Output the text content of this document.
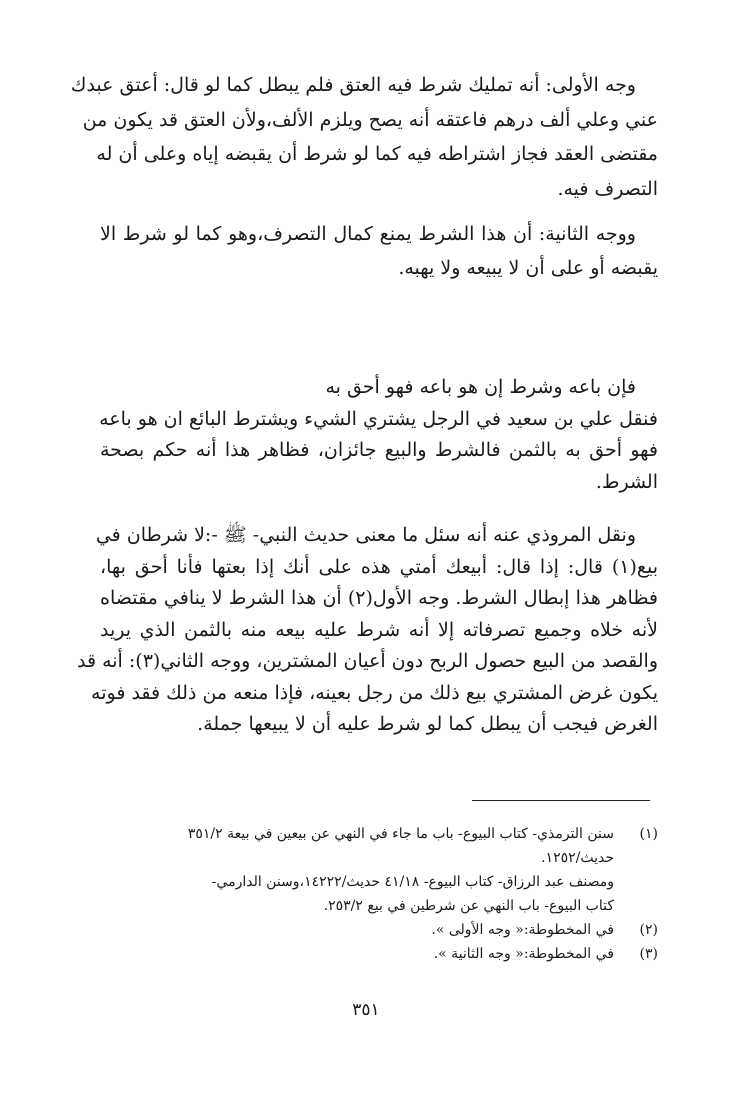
وجه الأولى: أنه تمليك شرط فيه العتق فلم يبطل كما لو قال: أعتق عبدك
عني وعلي ألف درهم فاعتقه أنه يصح ويلزم الألف،ولأن العتق قد يكون من
مقتضى العقد فجاز اشتراطه فيه كما لو شرط أن يقبضه إياه وعلى أن له
التصرف فيه.
ووجه الثانية: أن هذا الشرط يمنع كمال التصرف،وهو كما لو شرط الا
يقبضه أو على أن لا يبيعه ولا يهبه.
فإن باعه وشرط إن هو باعه فهو أحق به
فنقل علي بن سعيد في الرجل يشتري الشيء ويشترط البائع ان هو باعه
فهو أحق به بالثمن فالشرط والبيع جائزان، فظاهر هذا أنه حكم بصحة
الشرط.
ونقل المروذي عنه أنه سئل ما معنى حديث النبي- ﷺ -:لا شرطان في
بيع(١) قال: إذا قال: أبيعك أمتي هذه على أنك إذا بعتها فأنا أحق بها،
فظاهر هذا إبطال الشرط. وجه الأول(٢) أن هذا الشرط لا ينافي مقتضاه
لأنه خلاه وجميع تصرفاته إلا أنه شرط عليه بيعه منه بالثمن الذي يريد
والقصد من البيع حصول الربح دون أعيان المشترين، ووجه الثاني(٣): أنه قد
يكون غرض المشتري بيع ذلك من رجل بعينه، فإذا منعه من ذلك فقد فوته
الغرض فيجب أن يبطل كما لو شرط عليه أن لا يبيعها جملة.
(١)
سنن الترمذي- كتاب البيوع- باب ما جاء في النهي عن بيعين في بيعة ٣٥١/٢
حديث/١٢٥٢.
ومصنف عبد الرزاق- كتاب البيوع- ٤١/١٨ حديث/١٤٢٢٢،وسنن الدارمي-
كتاب البيوع- باب النهي عن شرطين في بيع ٢٥٣/٢.
(٢)
في المخطوطة:« وجه الأولى ».
(٣)
في المخطوطة:« وجه الثانية ».
٣٥١
